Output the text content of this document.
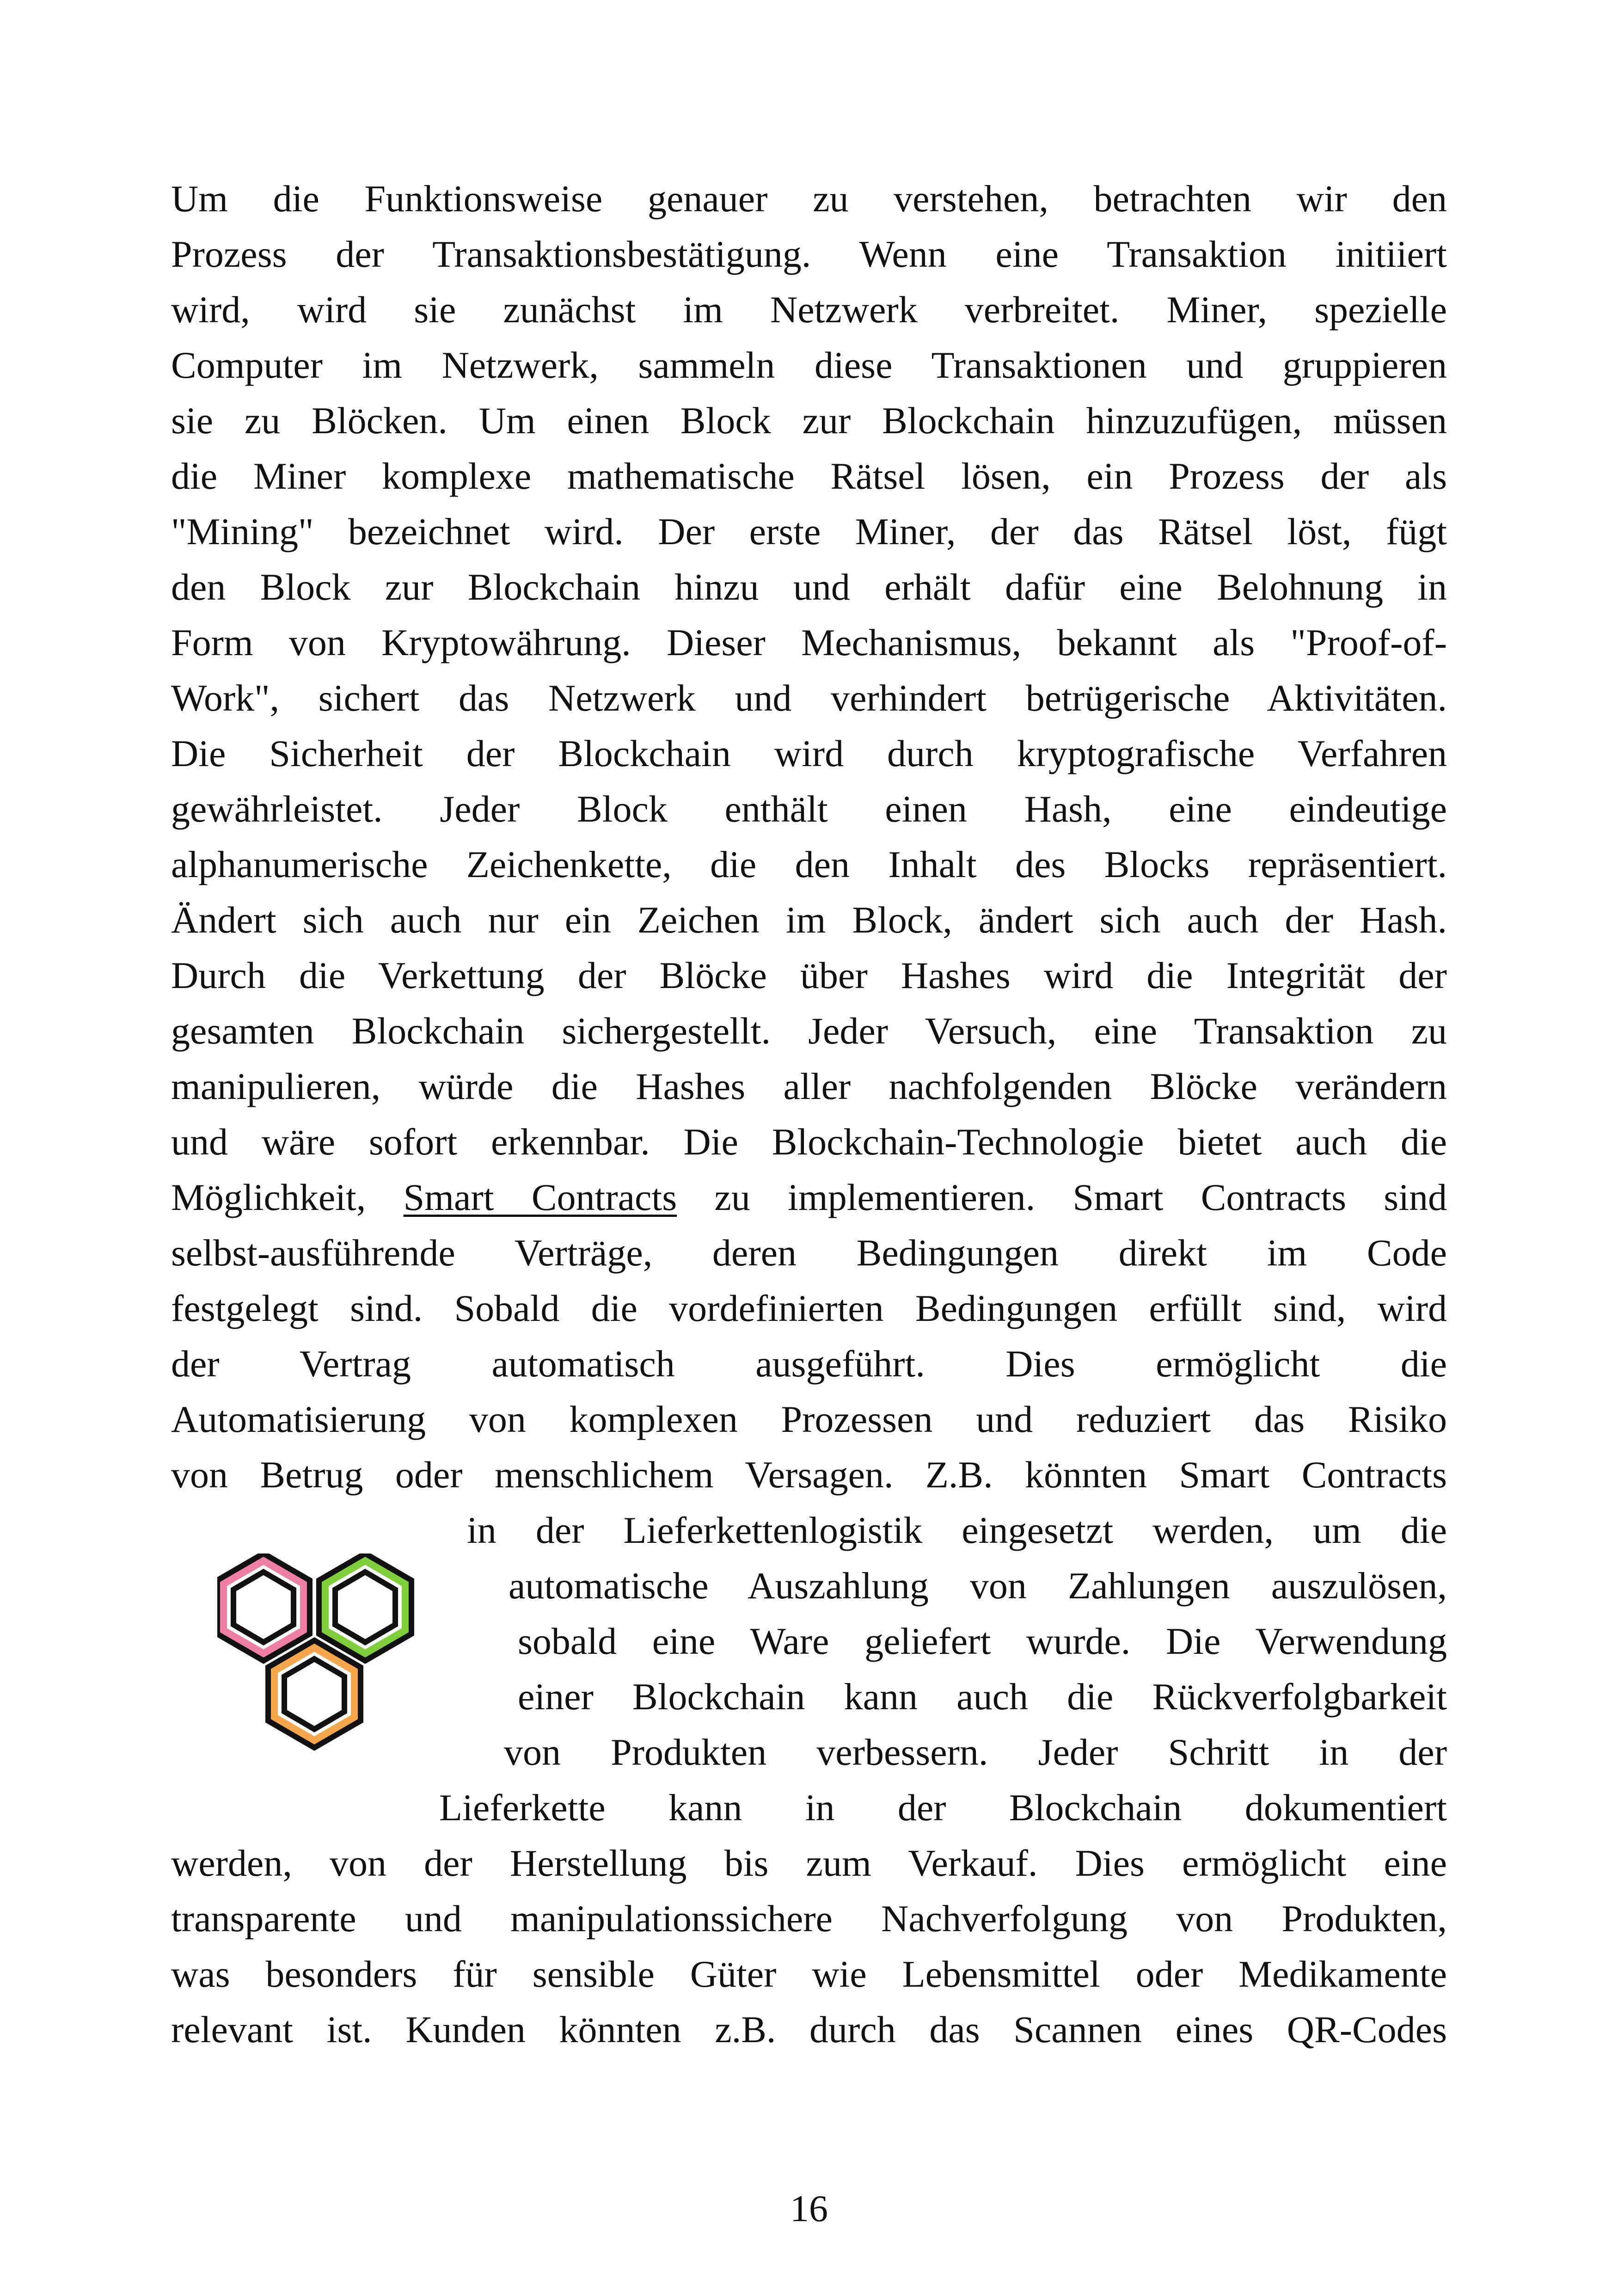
Um die Funktionsweise genauer zu verstehen, betrachten wir den
Prozess der Transaktionsbestätigung. Wenn eine Transaktion initiiert
wird, wird sie zunächst im Netzwerk verbreitet. Miner, spezielle
Computer im Netzwerk, sammeln diese Transaktionen und gruppieren
sie zu Blöcken. Um einen Block zur Blockchain hinzuzufügen, müssen
die Miner komplexe mathematische Rätsel lösen, ein Prozess der als
"Mining" bezeichnet wird. Der erste Miner, der das Rätsel löst, fügt
den Block zur Blockchain hinzu und erhält dafür eine Belohnung in
Form von Kryptowährung. Dieser Mechanismus, bekannt als "Proof-of-
Work", sichert das Netzwerk und verhindert betrügerische Aktivitäten.
Die Sicherheit der Blockchain wird durch kryptografische Verfahren
gewährleistet. Jeder Block enthält einen Hash, eine eindeutige
alphanumerische Zeichenkette, die den Inhalt des Blocks repräsentiert.
Ändert sich auch nur ein Zeichen im Block, ändert sich auch der Hash.
Durch die Verkettung der Blöcke über Hashes wird die Integrität der
gesamten Blockchain sichergestellt. Jeder Versuch, eine Transaktion zu
manipulieren, würde die Hashes aller nachfolgenden Blöcke verändern
und wäre sofort erkennbar. Die Blockchain-Technologie bietet auch die
Möglichkeit, Smart Contracts zu implementieren. Smart Contracts sind
selbst-ausführende Verträge, deren Bedingungen direkt im Code
festgelegt sind. Sobald die vordefinierten Bedingungen erfüllt sind, wird
der Vertrag automatisch ausgeführt. Dies ermöglicht die
Automatisierung von komplexen Prozessen und reduziert das Risiko
von Betrug oder menschlichem Versagen. Z.B. könnten Smart Contracts
in der Lieferkettenlogistik eingesetzt werden, um die
automatische Auszahlung von Zahlungen auszulösen,
sobald eine Ware geliefert wurde. Die Verwendung
einer Blockchain kann auch die Rückverfolgbarkeit
von Produkten verbessern. Jeder Schritt in der
Lieferkette kann in der Blockchain dokumentiert
werden, von der Herstellung bis zum Verkauf. Dies ermöglicht eine
transparente und manipulationssichere Nachverfolgung von Produkten,
was besonders für sensible Güter wie Lebensmittel oder Medikamente
relevant ist. Kunden könnten z.B. durch das Scannen eines QR-Codes
16
